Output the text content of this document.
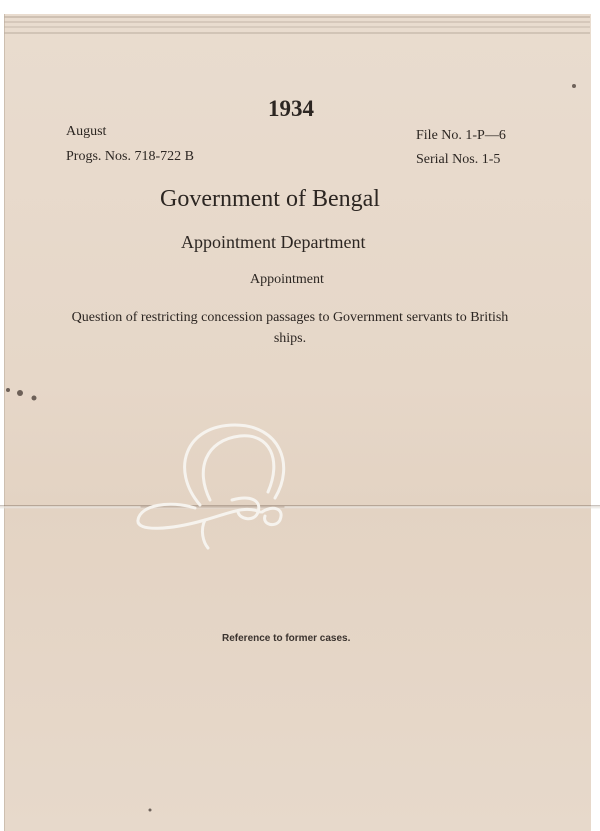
1934
August
Progs. Nos. 718-722 B
File No. 1-P—6
Serial Nos. 1-5
Government of Bengal
Appointment Department
Appointment
Question of restricting concession passages to Government servants to British ships.
Reference to former cases.
